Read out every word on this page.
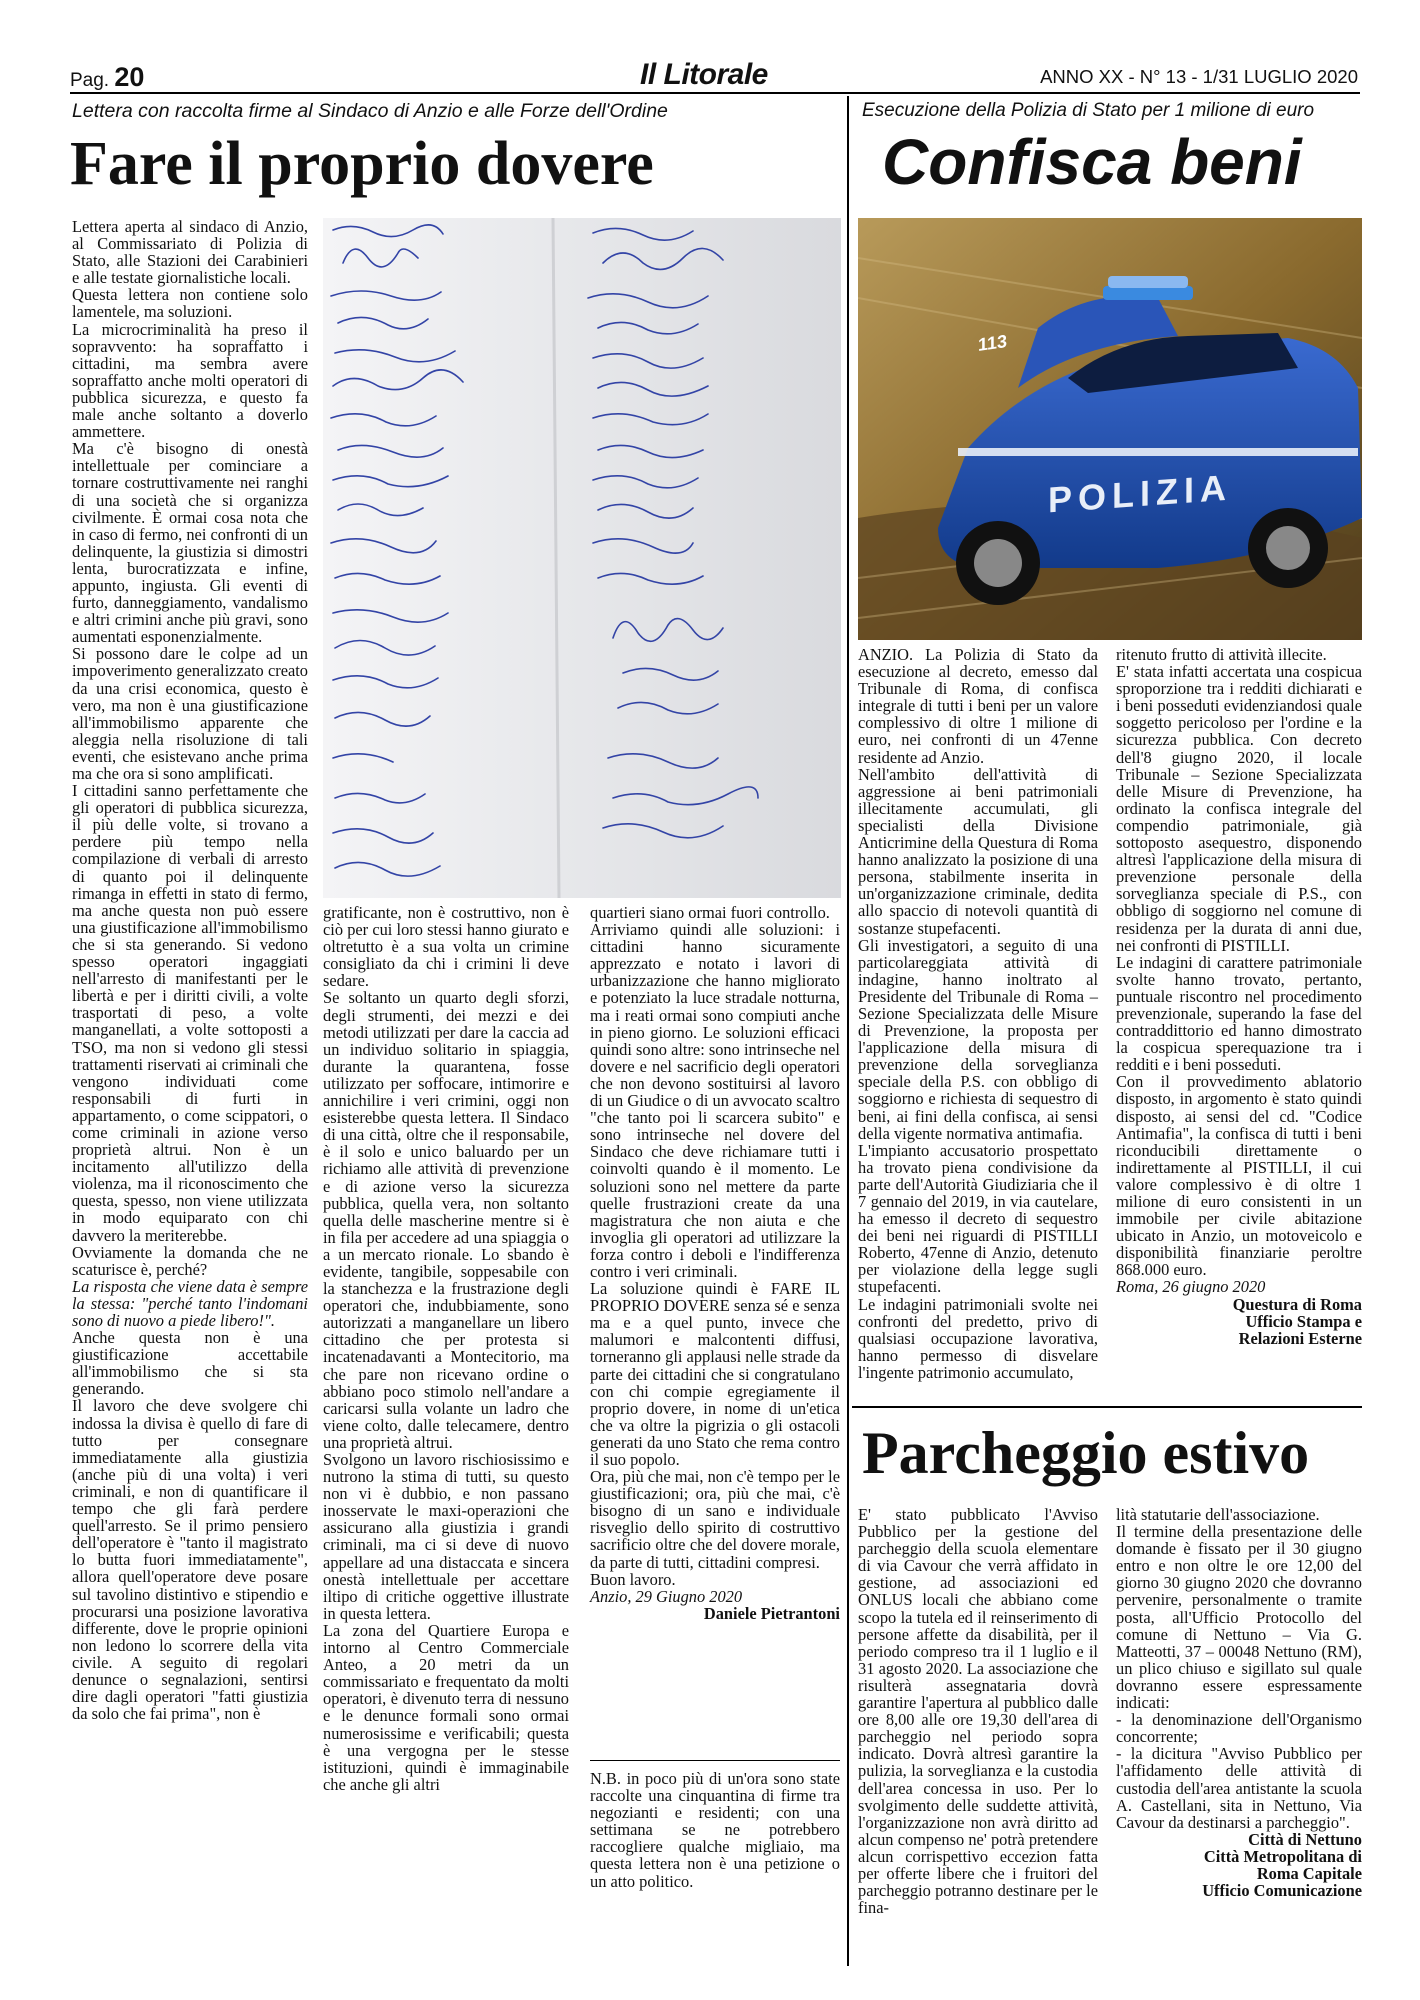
Pag. 20	Il Litorale	ANNO XX - N° 13 - 1/31 LUGLIO 2020
Lettera con raccolta firme al Sindaco di Anzio e alle Forze dell'Ordine
Fare il proprio dovere

Lettera aperta al sindaco di Anzio, al Commissariato di Polizia di Stato, alle Stazioni dei Carabinieri e alle testate giornalistiche locali.

Questa lettera non contiene solo lamentele, ma soluzioni.

La microcriminalità ha preso il sopravvento: ha sopraffatto i cittadini, ma sembra avere sopraffatto anche molti operatori di pubblica sicurezza, e questo fa male anche soltanto a doverlo ammettere.

Ma c'è bisogno di onestà intellettuale per cominciare a tornare costruttivamente nei ranghi di una società che si organizza civilmente. È ormai cosa nota che in caso di fermo, nei confronti di un delinquente, la giustizia si dimostri lenta, burocratizzata e infine, appunto, ingiusta. Gli eventi di furto, danneggiamento, vandalismo e altri crimini anche più gravi, sono aumentati esponenzialmente.

Si possono dare le colpe ad un impoverimento generalizzato creato da una crisi economica, questo è vero, ma non è una giustificazione all'immobilismo apparente che aleggia nella risoluzione di tali eventi, che esistevano anche prima ma che ora si sono amplificati.

I cittadini sanno perfettamente che gli operatori di pubblica sicurezza, il più delle volte, si trovano a perdere più tempo nella compilazione di verbali di arresto di quanto poi il delinquente rimanga in effetti in stato di fermo, ma anche questa non può essere una giustificazione all'immobilismo che si sta generando. Si vedono spesso operatori ingaggiati nell'arresto di manifestanti per le libertà e per i diritti civili, a volte trasportati di peso, a volte manganellati, a volte sottoposti a TSO, ma non si vedono gli stessi trattamenti riservati ai criminali che vengono individuati come responsabili di furti in appartamento, o come scippatori, o come criminali in azione verso proprietà altrui. Non è un incitamento all'utilizzo della violenza, ma il riconoscimento che questa, spesso, non viene utilizzata in modo equiparato con chi davvero la meriterebbe.

Ovviamente la domanda che ne scaturisce è, perché?

La risposta che viene data è sempre la stessa: "perché tanto l'indomani sono di nuovo a piede libero!".

Anche questa non è una giustificazione accettabile all'immobilismo che si sta generando.

Il lavoro che deve svolgere chi indossa la divisa è quello di fare di tutto per consegnare immediatamente alla giustizia (anche più di una volta) i veri criminali, e non di quantificare il tempo che gli farà perdere quell'arresto. Se il primo pensiero dell'operatore è "tanto il magistrato lo butta fuori immediatamente", allora quell'operatore deve posare sul tavolino distintivo e stipendio e procurarsi una posizione lavorativa differente, dove le proprie opinioni non ledono lo scorrere della vita civile. A seguito di regolari denunce o segnalazioni, sentirsi dire dagli operatori "fatti giustizia da solo che fai prima", non è

gratificante, non è costruttivo, non è ciò per cui loro stessi hanno giurato e oltretutto è a sua volta un crimine consigliato da chi i crimini li deve sedare.

Se soltanto un quarto degli sforzi, degli strumenti, dei mezzi e dei metodi utilizzati per dare la caccia ad un individuo solitario in spiaggia, durante la quarantena, fosse utilizzato per soffocare, intimorire e annichilire i veri crimini, oggi non esisterebbe questa lettera. Il Sindaco di una città, oltre che il responsabile, è il solo e unico baluardo per un richiamo alle attività di prevenzione e di azione verso la sicurezza pubblica, quella vera, non soltanto quella delle mascherine mentre si è in fila per accedere ad una spiaggia o a un mercato rionale. Lo sbando è evidente, tangibile, soppesabile con la stanchezza e la frustrazione degli operatori che, indubbiamente, sono autorizzati a manganellare un libero cittadino che per protesta si incatenadavanti a Montecitorio, ma che pare non ricevano ordine o abbiano poco stimolo nell'andare a caricarsi sulla volante un ladro che viene colto, dalle telecamere, dentro una proprietà altrui.

Svolgono un lavoro rischiosissimo e nutrono la stima di tutti, su questo non vi è dubbio, e non passano inosservate le maxi-operazioni che assicurano alla giustizia i grandi criminali, ma ci si deve di nuovo appellare ad una distaccata e sincera onestà intellettuale per accettare iltipo di critiche oggettive illustrate in questa lettera.

La zona del Quartiere Europa e intorno al Centro Commerciale Anteo, a 20 metri da un commissariato e frequentato da molti operatori, è divenuto terra di nessuno e le denunce formali sono ormai numerosissime e verificabili; questa è una vergogna per le stesse istituzioni, quindi è immaginabile che anche gli altri

quartieri siano ormai fuori controllo.

Arriviamo quindi alle soluzioni: i cittadini hanno sicuramente apprezzato e notato i lavori di urbanizzazione che hanno migliorato e potenziato la luce stradale notturna, ma i reati ormai sono compiuti anche in pieno giorno. Le soluzioni efficaci quindi sono altre: sono intrinseche nel dovere e nel sacrificio degli operatori che non devono sostituirsi al lavoro di un Giudice o di un avvocato scaltro "che tanto poi li scarcera subito" e sono intrinseche nel dovere del Sindaco che deve richiamare tutti i coinvolti quando è il momento. Le soluzioni sono nel mettere da parte quelle frustrazioni create da una magistratura che non aiuta e che invoglia gli operatori ad utilizzare la forza contro i deboli e l'indifferenza contro i veri criminali.

La soluzione quindi è FARE IL PROPRIO DOVERE senza sé e senza ma e a quel punto, invece che malumori e malcontenti diffusi, torneranno gli applausi nelle strade da parte dei cittadini che si congratulano con chi compie egregiamente il proprio dovere, in nome di un'etica che va oltre la pigrizia o gli ostacoli generati da uno Stato che rema contro il suo popolo.

Ora, più che mai, non c'è tempo per le giustificazioni; ora, più che mai, c'è bisogno di un sano e individuale risveglio dello spirito di costruttivo sacrificio oltre che del dovere morale, da parte di tutti, cittadini compresi.

Buon lavoro.

Anzio, 29 Giugno 2020

Daniele Pietrantoni

N.B. in poco più di un'ora sono state raccolte una cinquantina di firme tra negozianti e residenti; con una settimana se ne potrebbero raccogliere qualche migliaio, ma questa lettera non è una petizione o un atto politico.

Esecuzione della Polizia di Stato per 1 milione di euro
Confisca beni
113
POLIZIA

ANZIO. La Polizia di Stato da esecuzione al decreto, emesso dal Tribunale di Roma, di confisca integrale di tutti i beni per un valore complessivo di oltre 1 milione di euro, nei confronti di un 47enne residente ad Anzio.

Nell'ambito dell'attività di aggressione ai beni patrimoniali illecitamente accumulati, gli specialisti della Divisione Anticrimine della Questura di Roma hanno analizzato la posizione di una persona, stabilmente inserita in un'organizzazione criminale, dedita allo spaccio di notevoli quantità di sostanze stupefacenti.

Gli investigatori, a seguito di una particolareggiata attività di indagine, hanno inoltrato al Presidente del Tribunale di Roma – Sezione Specializzata delle Misure di Prevenzione, la proposta per l'applicazione della misura di prevenzione della sorveglianza speciale della P.S. con obbligo di soggiorno e richiesta di sequestro di beni, ai fini della confisca, ai sensi della vigente normativa antimafia.

L'impianto accusatorio prospettato ha trovato piena condivisione da parte dell'Autorità Giudiziaria che il 7 gennaio del 2019, in via cautelare, ha emesso il decreto di sequestro dei beni nei riguardi di PISTILLI Roberto, 47enne di Anzio, detenuto per violazione della legge sugli stupefacenti.

Le indagini patrimoniali svolte nei confronti del predetto, privo di qualsiasi occupazione lavorativa, hanno permesso di disvelare l'ingente patrimonio accumulato,

ritenuto frutto di attività illecite.

E' stata infatti accertata una cospicua sproporzione tra i redditi dichiarati e i beni posseduti evidenziandosi quale soggetto pericoloso per l'ordine e la sicurezza pubblica. Con decreto dell'8 giugno 2020, il locale Tribunale – Sezione Specializzata delle Misure di Prevenzione, ha ordinato la confisca integrale del compendio patrimoniale, già sottoposto asequestro, disponendo altresì l'applicazione della misura di prevenzione personale della sorveglianza speciale di P.S., con obbligo di soggiorno nel comune di residenza per la durata di anni due, nei confronti di PISTILLI.

Le indagini di carattere patrimoniale svolte hanno trovato, pertanto, puntuale riscontro nel procedimento prevenzionale, superando la fase del contraddittorio ed hanno dimostrato la cospicua sperequazione tra i redditi e i beni posseduti.

Con il provvedimento ablatorio disposto, in argomento è stato quindi disposto, ai sensi del cd. "Codice Antimafia", la confisca di tutti i beni riconducibili direttamente o indirettamente al PISTILLI, il cui valore complessivo è di oltre 1 milione di euro consistenti in un immobile per civile abitazione ubicato in Anzio, un motoveicolo e disponibilità finanziarie peroltre 868.000 euro.

Roma, 26 giugno 2020

Questura di Roma

Ufficio Stampa e

Relazioni Esterne

Parcheggio estivo

E' stato pubblicato l'Avviso Pubblico per la gestione del parcheggio della scuola elementare di via Cavour che verrà affidato in gestione, ad associazioni ed ONLUS locali che abbiano come scopo la tutela ed il reinserimento di persone affette da disabilità, per il periodo compreso tra il 1 luglio e il 31 agosto 2020. La associazione che risulterà assegnataria dovrà garantire l'apertura al pubblico dalle ore 8,00 alle ore 19,30 dell'area di parcheggio nel periodo sopra indicato. Dovrà altresì garantire la pulizia, la sorveglianza e la custodia dell'area concessa in uso. Per lo svolgimento delle suddette attività, l'organizzazione non avrà diritto ad alcun compenso ne' potrà pretendere alcun corrispettivo eccezion fatta per offerte libere che i fruitori del parcheggio potranno destinare per le fina-

lità statutarie dell'associazione.

Il termine della presentazione delle domande è fissato per il 30 giugno entro e non oltre le ore 12,00 del giorno 30 giugno 2020 che dovranno pervenire, personalmente o tramite posta, all'Ufficio Protocollo del comune di Nettuno – Via G. Matteotti, 37 – 00048 Nettuno (RM), un plico chiuso e sigillato sul quale dovranno essere espressamente indicati:

- la denominazione dell'Organismo concorrente;

- la dicitura "Avviso Pubblico per l'affidamento delle attività di custodia dell'area antistante la scuola A. Castellani, sita in Nettuno, Via Cavour da destinarsi a parcheggio".

Città di Nettuno

Città Metropolitana di

Roma Capitale

Ufficio Comunicazione
